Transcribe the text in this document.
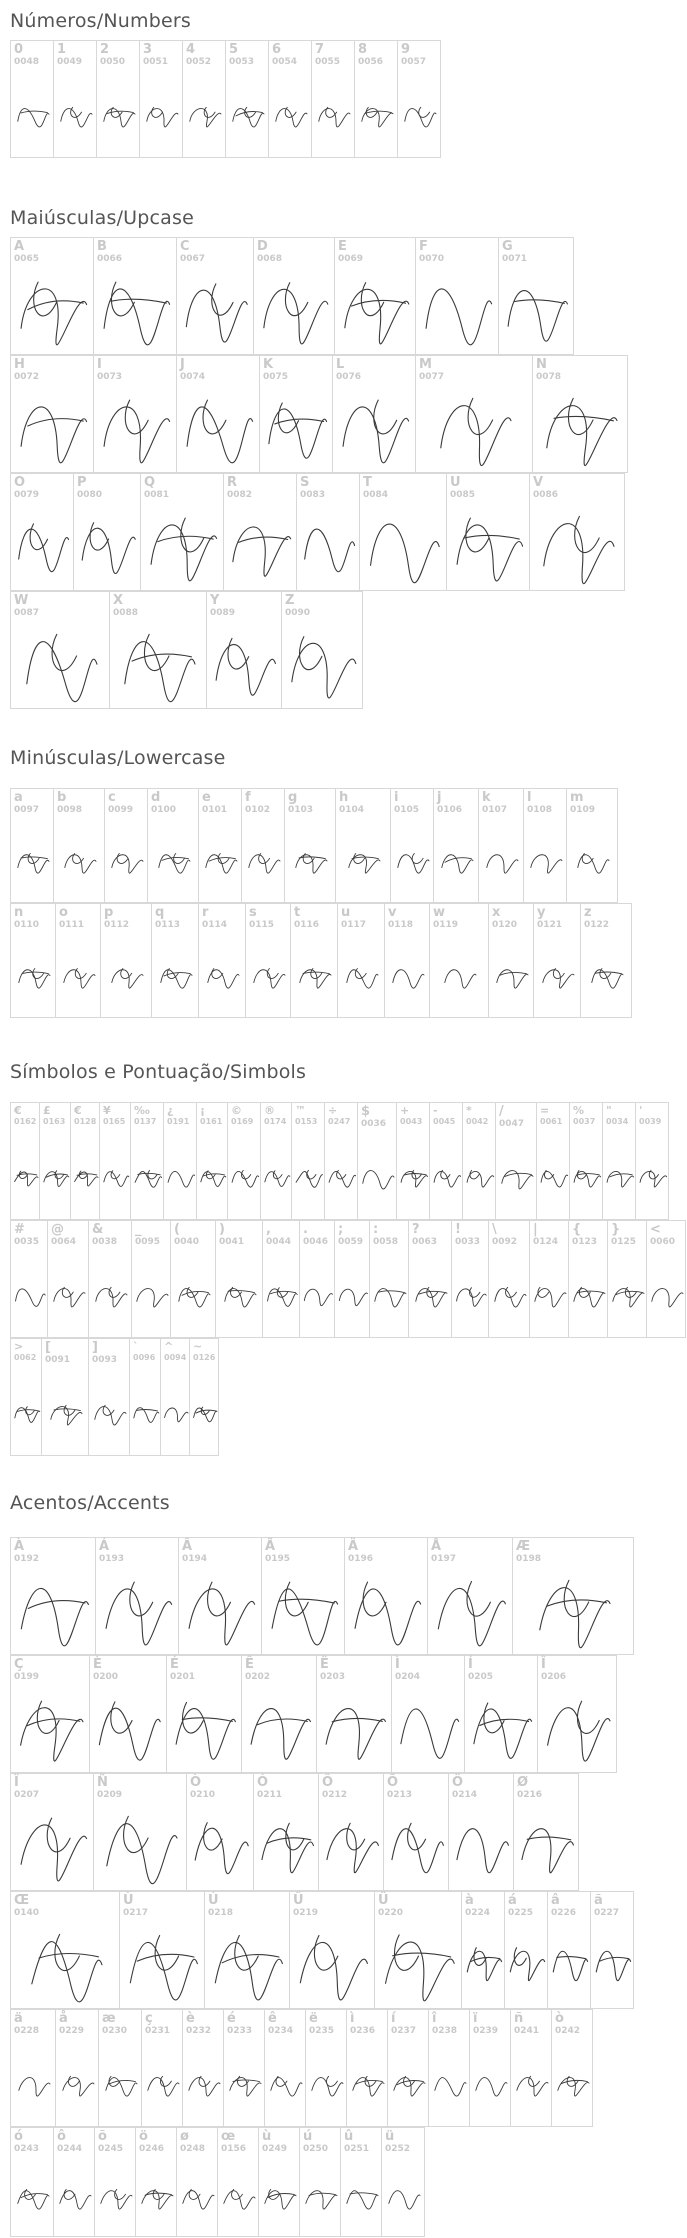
Números/Numbers
0
0048
1
0049
2
0050
3
0051
4
0052
5
0053
6
0054
7
0055
8
0056
9
0057
Maiúsculas/Upcase
A
0065
B
0066
C
0067
D
0068
E
0069
F
0070
G
0071
H
0072
I
0073
J
0074
K
0075
L
0076
M
0077
N
0078
O
0079
P
0080
Q
0081
R
0082
S
0083
T
0084
U
0085
V
0086
W
0087
X
0088
Y
0089
Z
0090
Minúsculas/Lowercase
a
0097
b
0098
c
0099
d
0100
e
0101
f
0102
g
0103
h
0104
i
0105
j
0106
k
0107
l
0108
m
0109
n
0110
o
0111
p
0112
q
0113
r
0114
s
0115
t
0116
u
0117
v
0118
w
0119
x
0120
y
0121
z
0122
Símbolos e Pontuação/Simbols
€
0162
£
0163
€
0128
¥
0165
‰
0137
¿
0191
¡
0161
©
0169
®
0174
™
0153
÷
0247
$
0036
+
0043
-
0045
*
0042
/
0047
=
0061
%
0037
"
0034
'
0039
#
0035
@
0064
&
0038
_
0095
(
0040
)
0041
,
0044
.
0046
;
0059
:
0058
?
0063
!
0033
\
0092
|
0124
{
0123
}
0125
<
0060
>
0062
[
0091
]
0093
`
0096
^
0094
~
0126
Acentos/Accents
À
0192
Á
0193
Â
0194
Ã
0195
Ä
0196
Å
0197
Æ
0198
Ç
0199
È
0200
É
0201
Ê
0202
Ë
0203
Ì
0204
Í
0205
Î
0206
Ï
0207
Ñ
0209
Ò
0210
Ó
0211
Ô
0212
Õ
0213
Ö
0214
Ø
0216
Œ
0140
Ù
0217
Ú
0218
Û
0219
Ü
0220
à
0224
á
0225
â
0226
ã
0227
ä
0228
å
0229
æ
0230
ç
0231
è
0232
é
0233
ê
0234
ë
0235
ì
0236
í
0237
î
0238
ï
0239
ñ
0241
ò
0242
ó
0243
ô
0244
õ
0245
ö
0246
ø
0248
œ
0156
ù
0249
ú
0250
û
0251
ü
0252
